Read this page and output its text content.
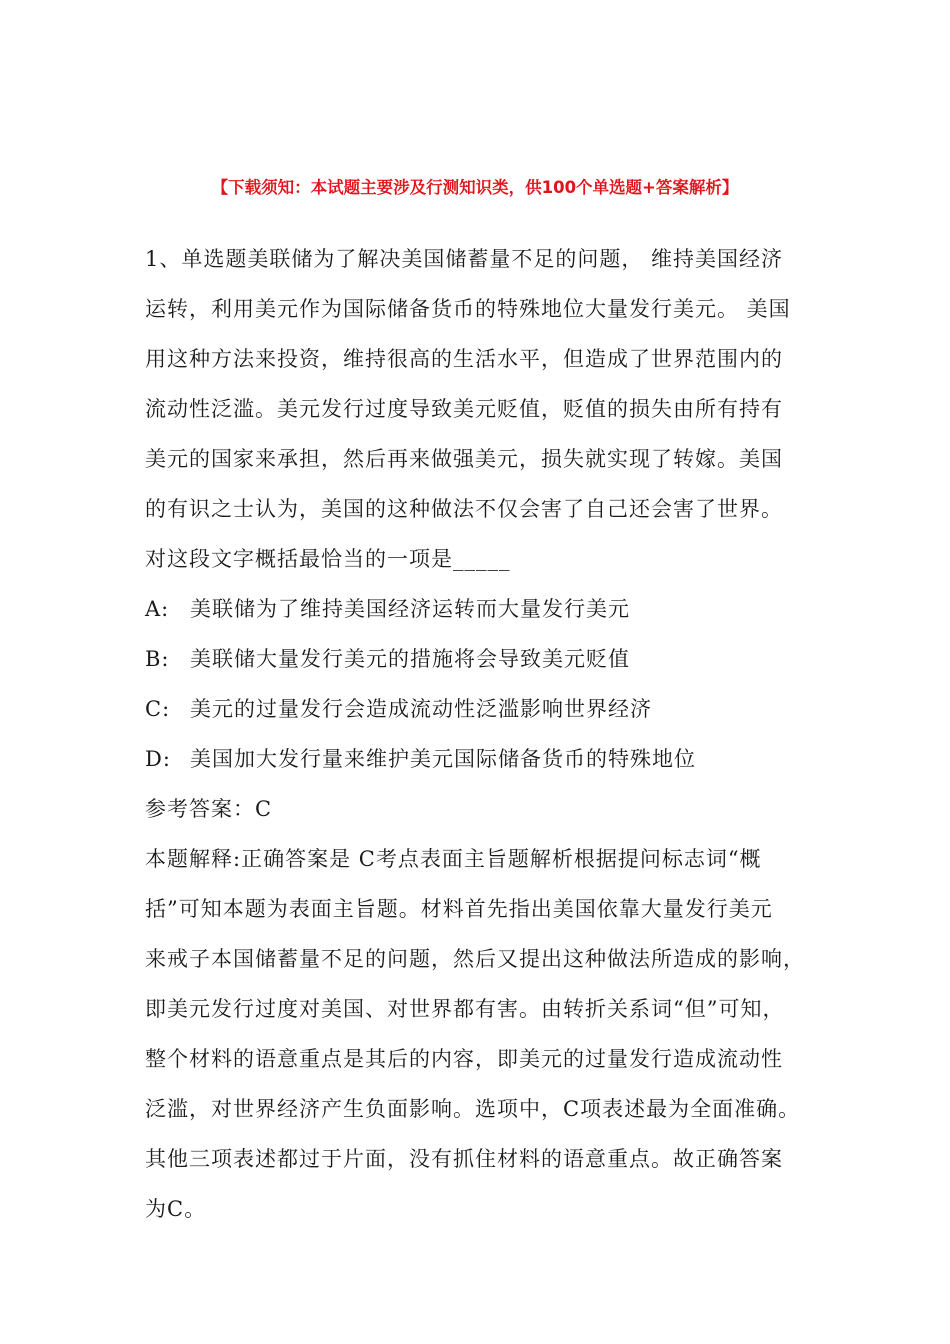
【下载须知：本试题主要涉及行测知识类，供100个单选题+答案解析】
1、单选题美联储为了解决美国储蓄量不足的问题， 维持美国经济
运转，利用美元作为国际储备货币的特殊地位大量发行美元。 美国
用这种方法来投资，维持很高的生活水平，但造成了世界范围内的
流动性泛滥。美元发行过度导致美元贬值，贬值的损失由所有持有
美元的国家来承担，然后再来做强美元，损失就实现了转嫁。美国
的有识之士认为，美国的这种做法不仅会害了自己还会害了世界。
对这段文字概括最恰当的一项是_____
A: 美联储为了维持美国经济运转而大量发行美元
B: 美联储大量发行美元的措施将会导致美元贬值
C: 美元的过量发行会造成流动性泛滥影响世界经济
D: 美国加大发行量来维护美元国际储备货币的特殊地位
参考答案：C
本题解释:正确答案是 C考点表面主旨题解析根据提问标志词“概
括”可知本题为表面主旨题。材料首先指出美国依靠大量发行美元
来戒子本国储蓄量不足的问题，然后又提出这种做法所造成的影响，
即美元发行过度对美国、对世界都有害。由转折关系词“但”可知，
整个材料的语意重点是其后的内容，即美元的过量发行造成流动性
泛滥，对世界经济产生负面影响。选项中，C项表述最为全面准确。
其他三项表述都过于片面，没有抓住材料的语意重点。故正确答案
为C。
